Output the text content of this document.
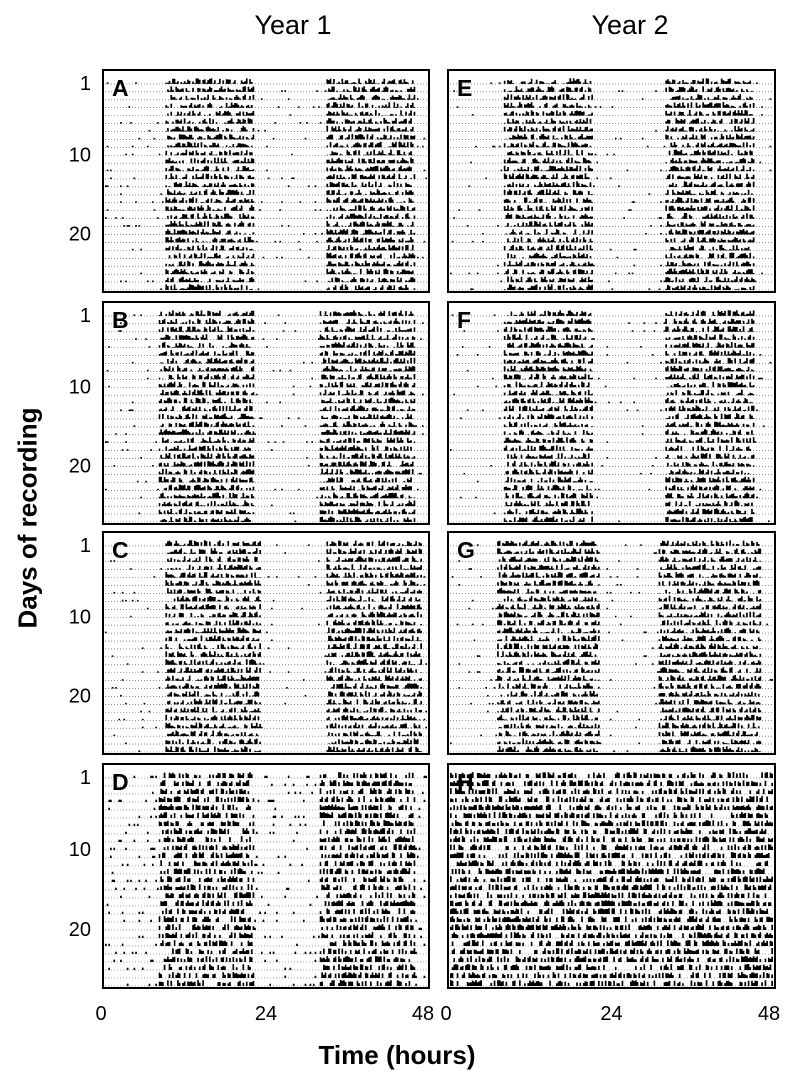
Year 1	Year 2
Days of recording
A
1
10
20
B
1
10
20
C
1
10
20
D
1
10
20
0	24	48
E
F
G
H
0	24	48
Time (hours)
